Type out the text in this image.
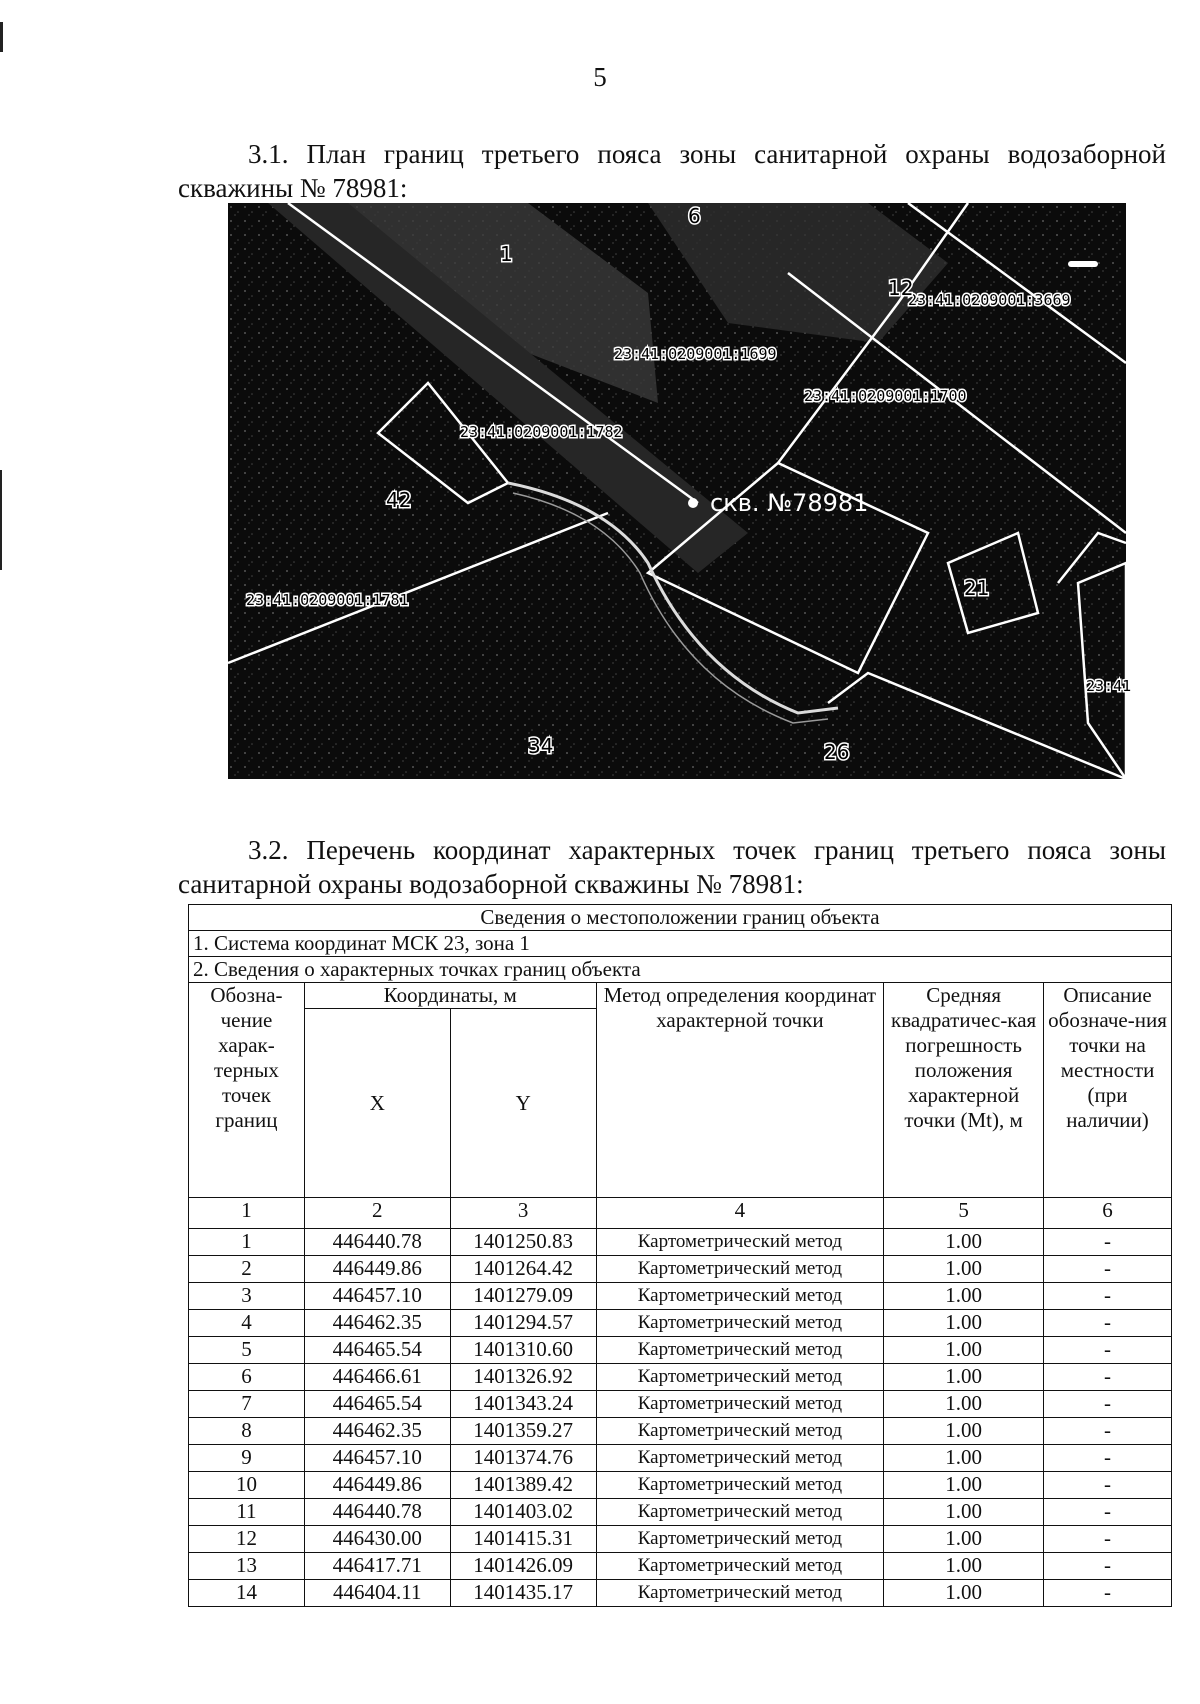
5

3.1. План границ третьего пояса зоны санитарной охраны водозаборной скважины № 78981:

23:41:0209001:3669
23:41:0209001:1699
23:41:0209001:1700
23:41:0209001:1782
23:41:0209001:1781
23:41
6
1
12
42
21
34	26
скв. №78981

3.2. Перечень координат характерных точек границ третьего пояса зоны санитарной охраны водозаборной скважины № 78981:

Сведения о местоположении границ объекта					
1. Система координат МСК 23, зона 1					
2. Сведения о характерных точках границ объекта					
Обозна-чение харак-терных точек границ	Координаты, м		Метод определения координат характерной точки	Средняя квадратичес-кая погрешность положения характерной точки (Mt), м	Описание обозначе-ния точки на местности (при наличии)
	X	Y			

1	2	3	4	5	6
1	446440.78	1401250.83	Картометрический метод	1.00	-
2	446449.86	1401264.42	Картометрический метод	1.00	-
3	446457.10	1401279.09	Картометрический метод	1.00	-
4	446462.35	1401294.57	Картометрический метод	1.00	-
5	446465.54	1401310.60	Картометрический метод	1.00	-
6	446466.61	1401326.92	Картометрический метод	1.00	-
7	446465.54	1401343.24	Картометрический метод	1.00	-
8	446462.35	1401359.27	Картометрический метод	1.00	-
9	446457.10	1401374.76	Картометрический метод	1.00	-
10	446449.86	1401389.42	Картометрический метод	1.00	-
11	446440.78	1401403.02	Картометрический метод	1.00	-
12	446430.00	1401415.31	Картометрический метод	1.00	-
13	446417.71	1401426.09	Картометрический метод	1.00	-
14	446404.11	1401435.17	Картометрический метод	1.00	-
